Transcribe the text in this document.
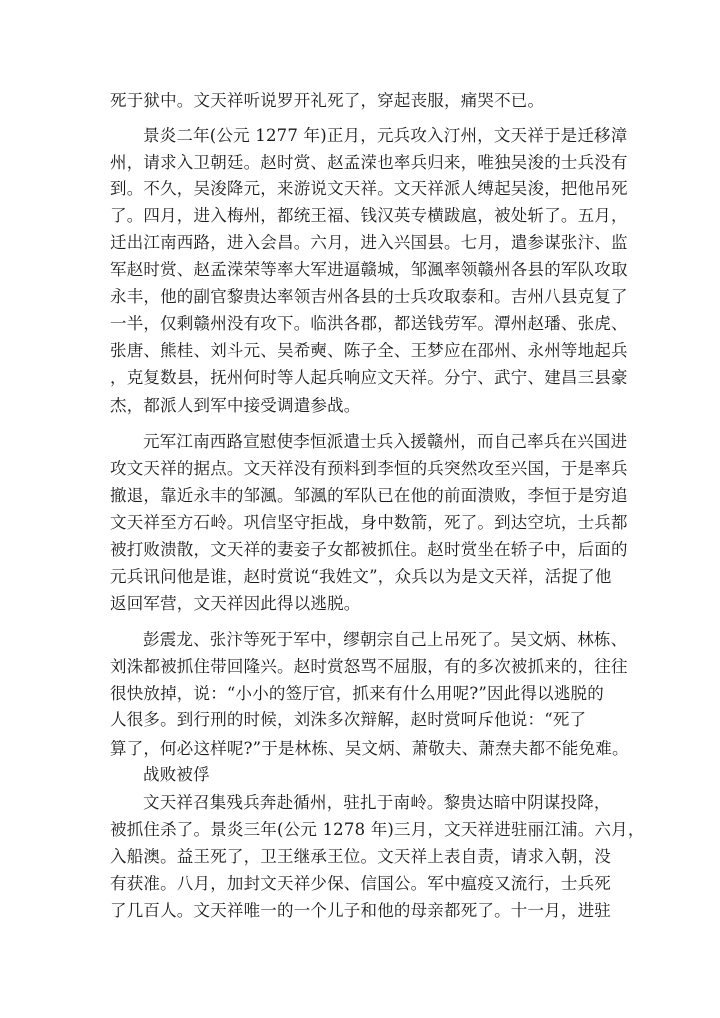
死于狱中。文天祥听说罗开礼死了，穿起丧服，痛哭不已。
景炎二年(公元 1277 年)正月，元兵攻入汀州，文天祥于是迁移漳
州，请求入卫朝廷。赵时赏、赵孟溁也率兵归来，唯独吴浚的士兵没有
到。不久，吴浚降元，来游说文天祥。文天祥派人缚起吴浚，把他吊死
了。四月，进入梅州，都统王福、钱汉英专横跋扈，被处斩了。五月，
迁出江南西路，进入会昌。六月，进入兴国县。七月，遣参谋张汴、监
军赵时赏、赵孟溁荣等率大军进逼赣城，邹渢率领赣州各县的军队攻取
永丰，他的副官黎贵达率领吉州各县的士兵攻取泰和。吉州八县克复了
一半，仅剩赣州没有攻下。临洪各郡，都送钱劳军。潭州赵璠、张虎、
张唐、熊桂、刘斗元、吴希奭、陈子全、王梦应在邵州、永州等地起兵
，克复数县，抚州何时等人起兵响应文天祥。分宁、武宁、建昌三县豪
杰，都派人到军中接受调遣参战。
元军江南西路宣慰使李恒派遣士兵入援赣州，而自己率兵在兴国进
攻文天祥的据点。文天祥没有预料到李恒的兵突然攻至兴国，于是率兵
撤退，靠近永丰的邹渢。邹渢的军队已在他的前面溃败，李恒于是穷追
文天祥至方石岭。巩信坚守拒战，身中数箭，死了。到达空坑，士兵都
被打败溃散，文天祥的妻妾子女都被抓住。赵时赏坐在轿子中，后面的
元兵讯问他是谁，赵时赏说“我姓文”，众兵以为是文天祥，活捉了他
返回军营，文天祥因此得以逃脱。
彭震龙、张汴等死于军中，缪朝宗自己上吊死了。吴文炳、林栋、
刘洙都被抓住带回隆兴。赵时赏怒骂不屈服，有的多次被抓来的，往往
很快放掉，说：“小小的签厅官，抓来有什么用呢?”因此得以逃脱的
人很多。到行刑的时候，刘洙多次辩解，赵时赏呵斥他说：“死了
算了，何必这样呢?”于是林栋、吴文炳、萧敬夫、萧焘夫都不能免难。
战败被俘
文天祥召集残兵奔赴循州，驻扎于南岭。黎贵达暗中阴谋投降，
被抓住杀了。景炎三年(公元 1278 年)三月，文天祥进驻丽江浦。六月，
入船澳。益王死了，卫王继承王位。文天祥上表自责，请求入朝，没
有获准。八月，加封文天祥少保、信国公。军中瘟疫又流行，士兵死
了几百人。文天祥唯一的一个儿子和他的母亲都死了。十一月，进驻
